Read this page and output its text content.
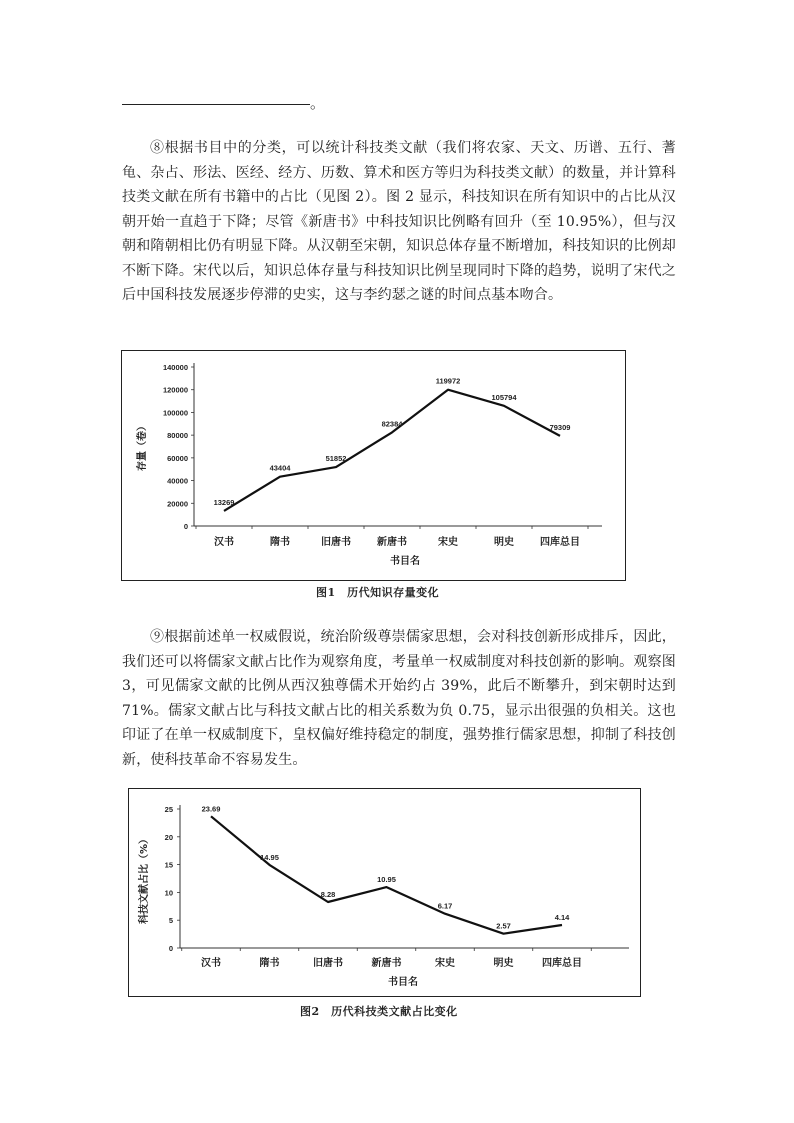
。

⑧根据书目中的分类，可以统计科技类文献（我们将农家、天文、历谱、五行、蓍龟、杂占、形法、医经、经方、历数、算术和医方等归为科技类文献）的数量，并计算科技类文献在所有书籍中的占比（见图 2）。图 2 显示，科技知识在所有知识中的占比从汉朝开始一直趋于下降；尽管《新唐书》中科技知识比例略有回升（至 10.95%），但与汉朝和隋朝相比仍有明显下降。从汉朝至宋朝，知识总体存量不断增加，科技知识的比例却不断下降。宋代以后，知识总体存量与科技知识比例呈现同时下降的趋势，说明了宋代之后中国科技发展逐步停滞的史实，这与李约瑟之谜的时间点基本吻合。

0
20000
40000
60000
80000
100000
120000
140000
13269
43404
51852
82384
119972
105794
79309
汉书	隋书	旧唐书	新唐书	宋史	明史	四库总目
书目名
存量（卷）
图1　历代知识存量变化

⑨根据前述单一权威假说，统治阶级尊崇儒家思想，会对科技创新形成排斥，因此，我们还可以将儒家文献占比作为观察角度，考量单一权威制度对科技创新的影响。观察图 3，可见儒家文献的比例从西汉独尊儒术开始约占 39%，此后不断攀升，到宋朝时达到 71%。儒家文献占比与科技文献占比的相关系数为负 0.75，显示出很强的负相关。这也印证了在单一权威制度下，皇权偏好维持稳定的制度，强势推行儒家思想，抑制了科技创新，使科技革命不容易发生。

0
5
10
15
20
25	23.69
14.95
8.28
10.95
6.17
2.57
4.14
汉书	隋书	旧唐书	新唐书	宋史	明史	四库总目
书目名
科技文献占比（%）
图2　历代科技类文献占比变化
